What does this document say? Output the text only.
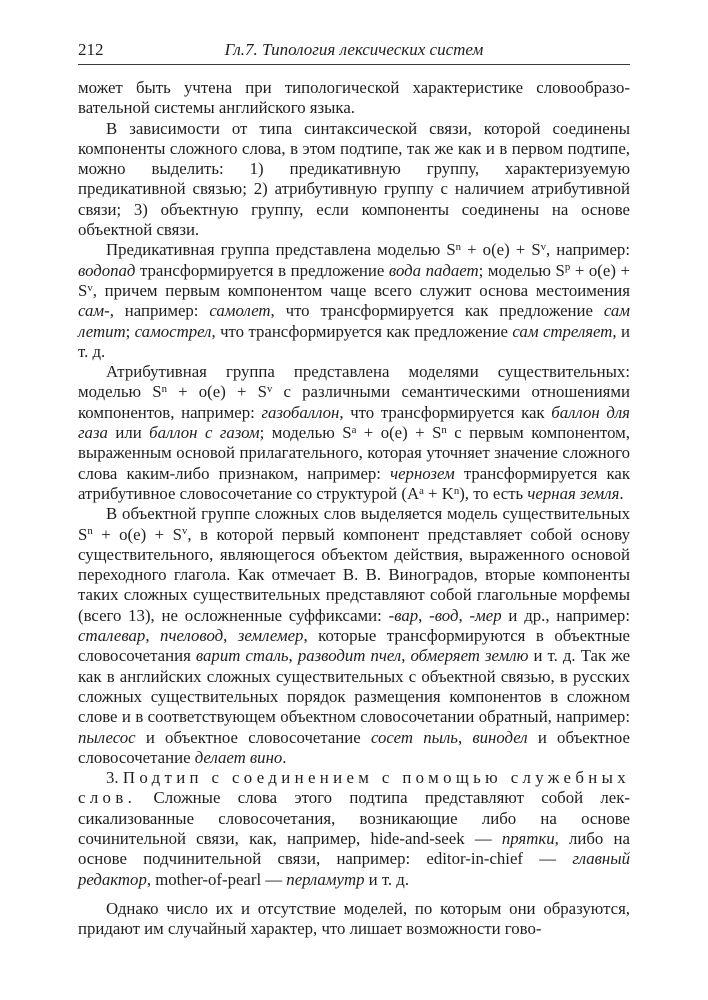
212	Гл.7. Типология лексических систем

может быть учтена при типологической характеристике словообразовательной системы английского языка.

В зависимости от типа синтаксической связи, которой соединены компоненты сложного слова, в этом подтипе, так же как и в первом подтипе, можно выделить: 1) предикативную группу, характеризуемую предикативной связью; 2) атрибутивную группу с наличием атрибутивной связи; 3) объектную группу, если компоненты соединены на основе объектной связи.

Предикативная группа представлена моделью $S^n + o(e) + S^v$, например: водопад трансформируется в предложение вода падает; моделью $S^p + o(e) + S^v$, причем первым компонентом чаще всего служит основа местоимения сам-, например: самолет, что трансформируется как предложение сам летит; самострел, что трансформируется как предложение сам стреляет, и т. д.

Атрибутивная группа представлена моделями существительных: моделью $S^n + o(e) + S^v$ с различными семантическими отношениями компонентов, например: газобаллон, что трансформируется как баллон для газа или баллон с газом; моделью $S^a + o(e) + S^n$ с первым компонентом, выраженным основой прилагательного, которая уточняет значение сложного слова каким-либо признаком, например: чернозем трансформируется как атрибутивное словосочетание со структурой $(A^a + K^n)$, то есть черная земля.

В объектной группе сложных слов выделяется модель существительных $S^n + o(e) + S^v$, в которой первый компонент представляет собой основу существительного, являющегося объектом действия, выраженного основой переходного глагола. Как отмечает В. В. Виноградов, вторые компоненты таких сложных существительных представляют собой глагольные морфемы (всего 13), не осложненные суффиксами: -вар, -вод, -мер и др., например: сталевар, пчеловод, землемер, которые трансформируются в объектные словосочетания варит сталь, разводит пчел, обмеряет землю и т. д. Так же как в английских сложных существительных с объектной связью, в русских сложных существительных порядок размещения компонентов в сложном слове и в соответствующем объектном словосочетании обратный, например: пылесос и объектное словосочетание сосет пыль, винодел и объектное словосочетание делает вино.

3. Подтип с соединением с помощью служебных слов. Сложные слова этого подтипа представляют собой лексикализованные словосочетания, возникающие либо на основе сочинительной связи, как, например, hide-and-seek — прятки, либо на основе подчинительной связи, например: editor-in-chief — главный редактор, mother-of-pearl — перламутр и т. д.

Однако число их и отсутствие моделей, по которым они образуются, придают им случайный характер, что лишает возможности гово-
